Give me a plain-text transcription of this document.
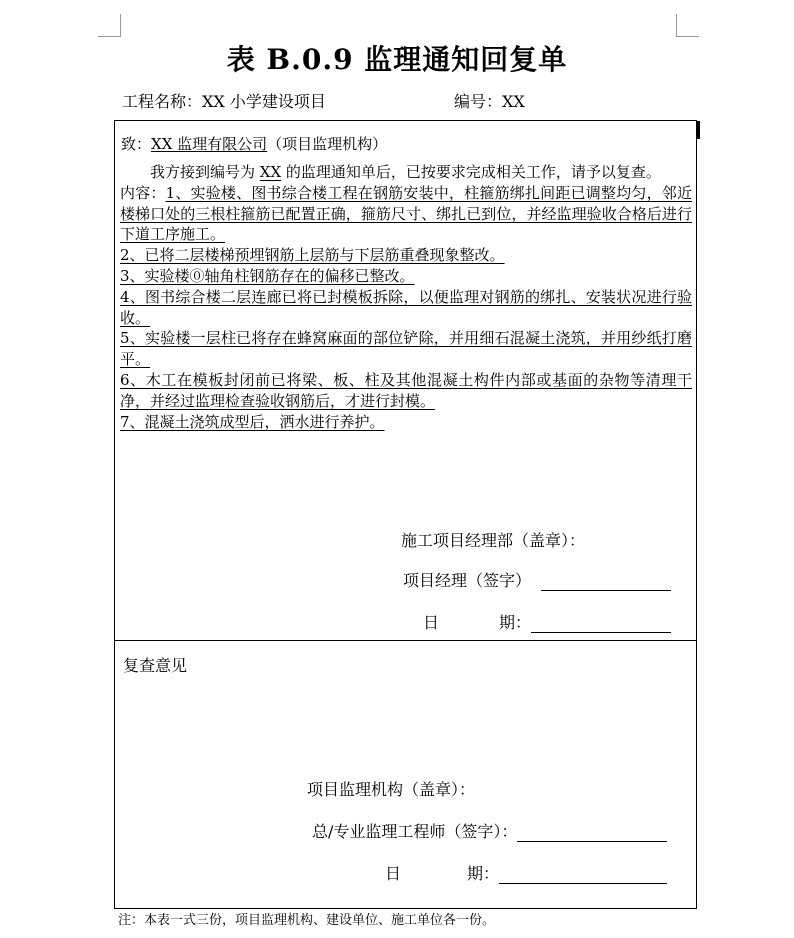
表 B.0.9 监理通知回复单
工程名称：XX 小学建设项目	编号：XX
致：XX 监理有限公司（项目监理机构）

我方接到编号为 XX 的监理通知单后，已按要求完成相关工作，请予以复查。

内容：1、实验楼、图书综合楼工程在钢筋安装中，柱箍筋绑扎间距已调整均匀，邻近楼梯口处的三根柱箍筋已配置正确，箍筋尺寸、绑扎已到位，并经监理验收合格后进行下道工序施工。

2、已将二层楼梯预埋钢筋上层筋与下层筋重叠现象整改。

3、实验楼⓪轴角柱钢筋存在的偏移已整改。

4、图书综合楼二层连廊已将已封模板拆除，以便监理对钢筋的绑扎、安装状况进行验收。

5、实验楼一层柱已将存在蜂窝麻面的部位铲除，并用细石混凝土浇筑，并用纱纸打磨平。

6、木工在模板封闭前已将梁、板、柱及其他混凝土构件内部或基面的杂物等清理干净，并经过监理检查验收钢筋后，才进行封模。

7、混凝土浇筑成型后，洒水进行养护。

施工项目经理部（盖章）：
项目经理（签字）
日	期：
复查意见
项目监理机构（盖章）：
总/专业监理工程师（签字）：
日	期：
注：本表一式三份，项目监理机构、建设单位、施工单位各一份。
